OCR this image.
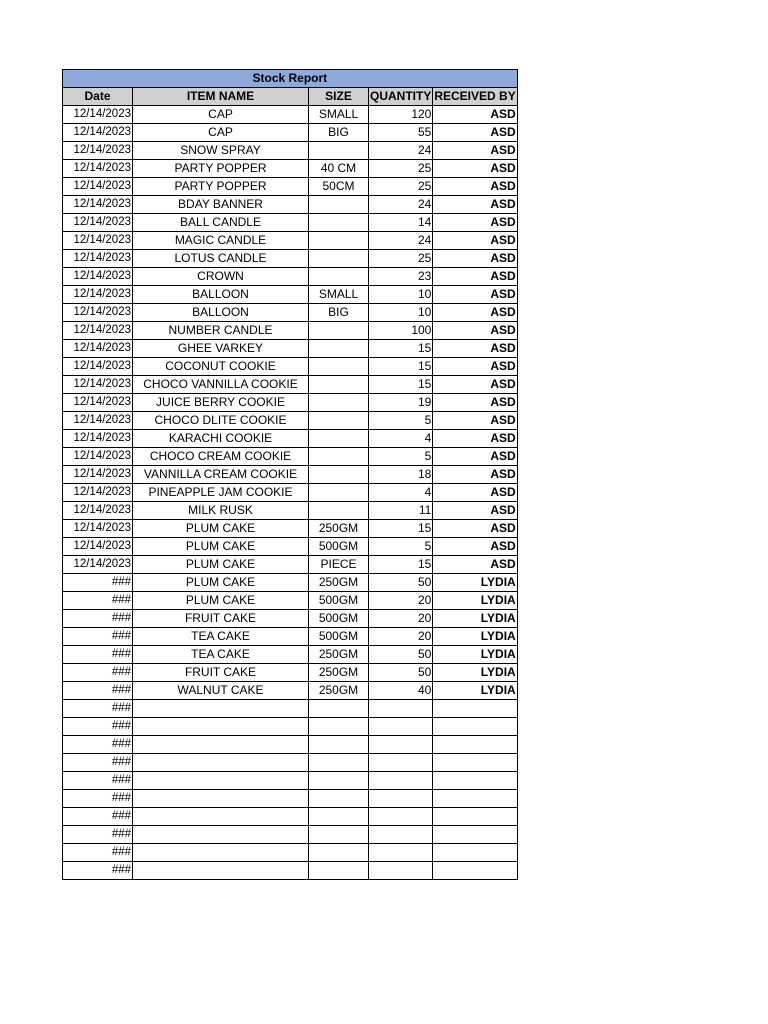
Stock Report				
Date	ITEM NAME	SIZE	QUANTITY	RECEIVED BY
12/14/2023	CAP	SMALL	120	ASD
12/14/2023	CAP	BIG	55	ASD
12/14/2023	SNOW SPRAY		24	ASD
12/14/2023	PARTY POPPER	40 CM	25	ASD
12/14/2023	PARTY POPPER	50CM	25	ASD
12/14/2023	BDAY BANNER		24	ASD
12/14/2023	BALL CANDLE		14	ASD
12/14/2023	MAGIC CANDLE		24	ASD
12/14/2023	LOTUS CANDLE		25	ASD
12/14/2023	CROWN		23	ASD
12/14/2023	BALLOON	SMALL	10	ASD
12/14/2023	BALLOON	BIG	10	ASD
12/14/2023	NUMBER CANDLE		100	ASD
12/14/2023	GHEE VARKEY		15	ASD
12/14/2023	COCONUT COOKIE		15	ASD
12/14/2023	CHOCO VANNILLA COOKIE		15	ASD
12/14/2023	JUICE BERRY COOKIE		19	ASD
12/14/2023	CHOCO DLITE COOKIE		5	ASD
12/14/2023	KARACHI COOKIE		4	ASD
12/14/2023	CHOCO CREAM COOKIE		5	ASD
12/14/2023	VANNILLA CREAM COOKIE		18	ASD
12/14/2023	PINEAPPLE JAM COOKIE		4	ASD
12/14/2023	MILK RUSK		11	ASD
12/14/2023	PLUM CAKE	250GM	15	ASD
12/14/2023	PLUM CAKE	500GM	5	ASD
12/14/2023	PLUM CAKE	PIECE	15	ASD
###	PLUM CAKE	250GM	50	LYDIA
###	PLUM CAKE	500GM	20	LYDIA
###	FRUIT CAKE	500GM	20	LYDIA
###	TEA CAKE	500GM	20	LYDIA
###	TEA CAKE	250GM	50	LYDIA
###	FRUIT CAKE	250GM	50	LYDIA
###	WALNUT CAKE	250GM	40	LYDIA
###				
###				
###				
###				
###				
###				
###				
###				
###				
###				
